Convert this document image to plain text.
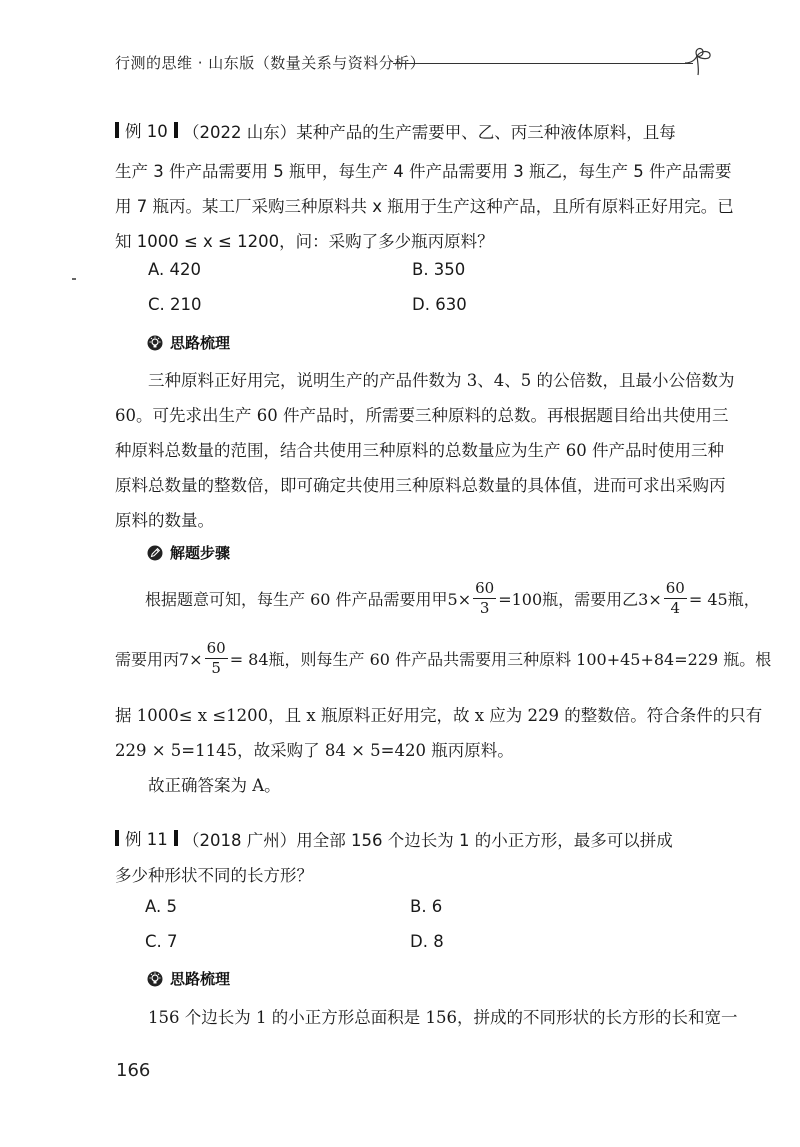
行测的思维 · 山东版（数量关系与资料分析）
例 10 （2022 山东）某种产品的生产需要甲、乙、丙三种液体原料，且每
生产 3 件产品需要用 5 瓶甲，每生产 4 件产品需要用 3 瓶乙，每生产 5 件产品需要
用 7 瓶丙。某工厂采购三种原料共 x 瓶用于生产这种产品，且所有原料正好用完。已
知 1000 ≤ x ≤ 1200，问：采购了多少瓶丙原料？
A. 420	B. 350
C. 210	D. 630
思路梳理
三种原料正好用完，说明生产的产品件数为 3、4、5 的公倍数，且最小公倍数为
60。可先求出生产 60 件产品时，所需要三种原料的总数。再根据题目给出共使用三
种原料总数量的范围，结合共使用三种原料的总数量应为生产 60 件产品时使用三种
原料总数量的整数倍，即可确定共使用三种原料总数量的具体值，进而可求出采购丙
原料的数量。
解题步骤
根据题意可知，每生产 60 件产品需要用甲$5\times \frac{60}{3} =100$瓶，需要用乙$3\times \frac{60}{4} = 45$瓶，
需要用丙$7\times \frac{60}{5} = 84$瓶，则每生产 60 件产品共需要用三种原料 100+45+84=229 瓶。根
据 1000≤ x ≤1200，且 x 瓶原料正好用完，故 x 应为 229 的整数倍。符合条件的只有
229 × 5=1145，故采购了 84 × 5=420 瓶丙原料。
故正确答案为 A。
例 11 （2018 广州）用全部 156 个边长为 1 的小正方形，最多可以拼成
多少种形状不同的长方形？
A. 5	B. 6
C. 7	D. 8
思路梳理
156 个边长为 1 的小正方形总面积是 156，拼成的不同形状的长方形的长和宽一
166
